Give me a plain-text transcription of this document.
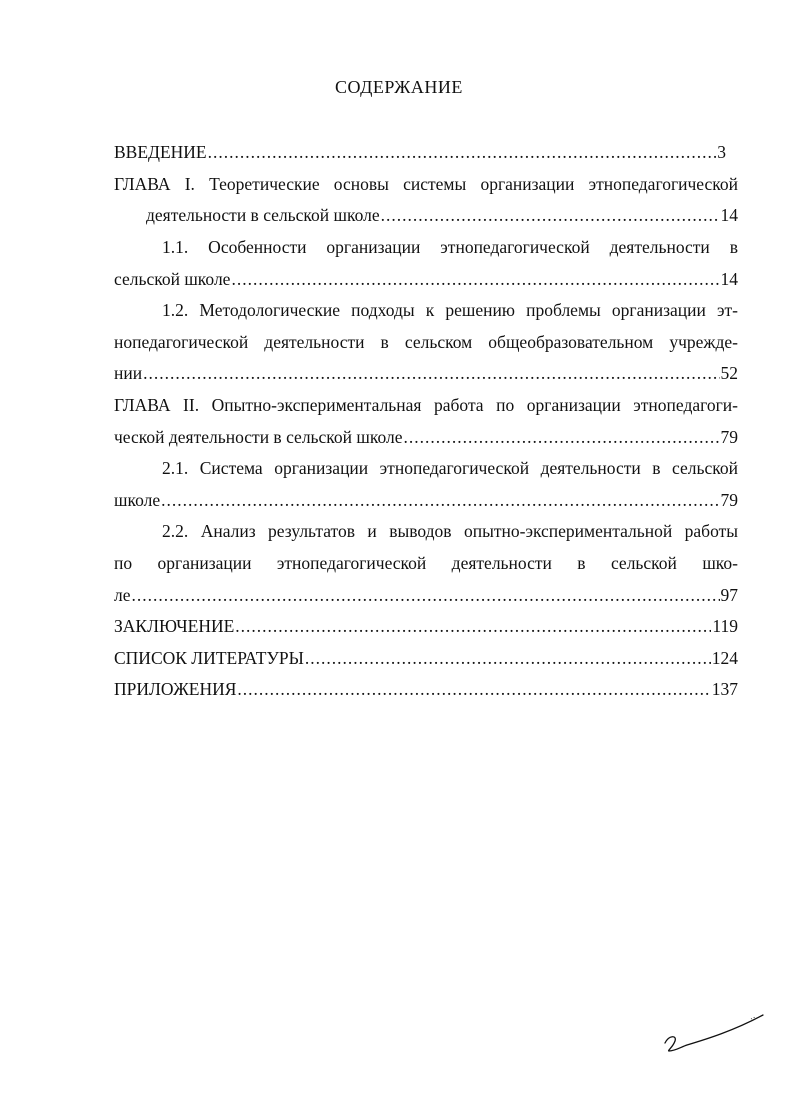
СОДЕРЖАНИЕ
ВВЕДЕНИЕ .....	3
ГЛАВА I. Теоретические основы системы организации этнопедагогической
деятельности в сельской школе .....	14
1.1. Особенности организации этнопедагогической деятельности в
сельской школе .....	14
1.2. Методологические подходы к решению проблемы организации эт-
нопедагогической деятельности в сельском общеобразовательном учрежде-
нии .....	52
ГЛАВА II. Опытно-экспериментальная работа по организации этнопедагоги-
ческой деятельности в сельской школе .....	79
2.1. Система организации этнопедагогической деятельности в сельской
школе .....	79
2.2. Анализ результатов и выводов опытно-экспериментальной работы
по организации этнопедагогической деятельности в сельской шко-
ле .....	97
ЗАКЛЮЧЕНИЕ .....	119
СПИСОК ЛИТЕРАТУРЫ .....	124
ПРИЛОЖЕНИЯ .....	137
